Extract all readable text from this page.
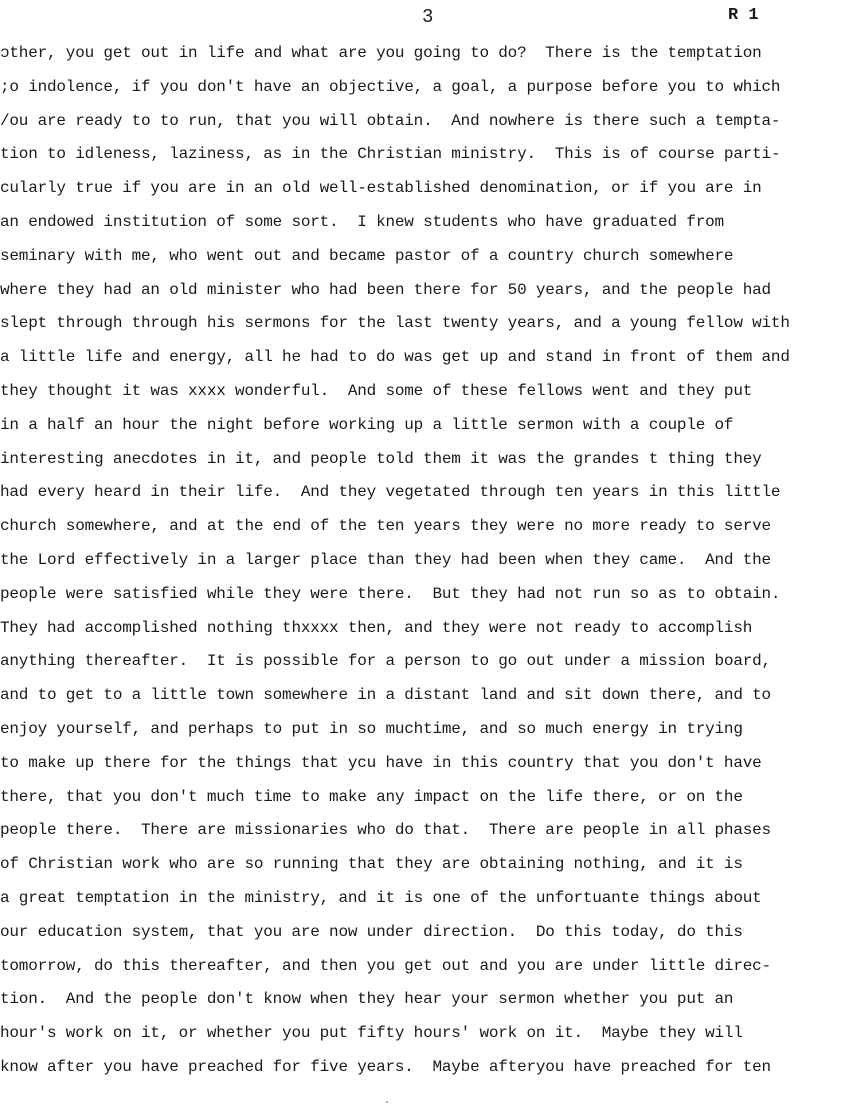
3	R 1
ɔther, you get out in life and what are you going to do?  There is the temptation
;o indolence, if you don't have an objective, a goal, a purpose before you to which
/ou are ready to to run, that you will obtain.  And nowhere is there such a tempta-
tion to idleness, laziness, as in the Christian ministry.  This is of course parti-
cularly true if you are in an old well-established denomination, or if you are in
an endowed institution of some sort.  I knew students who have graduated from
seminary with me, who went out and became pastor of a country church somewhere
where they had an old minister who had been there for 50 years, and the people had
slept through through his sermons for the last twenty years, and a young fellow with
a little life and energy, all he had to do was get up and stand in front of them and
they thought it was xxxx wonderful.  And some of these fellows went and they put
in a half an hour the night before working up a little sermon with a couple of
interesting anecdotes in it, and people told them it was the grandes t thing they
had every heard in their life.  And they vegetated through ten years in this little
church somewhere, and at the end of the ten years they were no more ready to serve
the Lord effectively in a larger place than they had been when they came.  And the
people were satisfied while they were there.  But they had not run so as to obtain.
They had accomplished nothing thxxxx then, and they were not ready to accomplish
anything thereafter.  It is possible for a person to go out under a mission board,
and to get to a little town somewhere in a distant land and sit down there, and to
enjoy yourself, and perhaps to put in so muchtime, and so much energy in trying
to make up there for the things that ycu have in this country that you don't have
there, that you don't much time to make any impact on the life there, or on the
people there.  There are missionaries who do that.  There are people in all phases
of Christian work who are so running that they are obtaining nothing, and it is
a great temptation in the ministry, and it is one of the unfortuante things about
our education system, that you are now under direction.  Do this today, do this
tomorrow, do this thereafter, and then you get out and you are under little direc-
tion.  And the people don't know when they hear your sermon whether you put an
hour's work on it, or whether you put fifty hours' work on it.  Maybe they will
know after you have preached for five years.  Maybe afteryou have preached for ten
.
